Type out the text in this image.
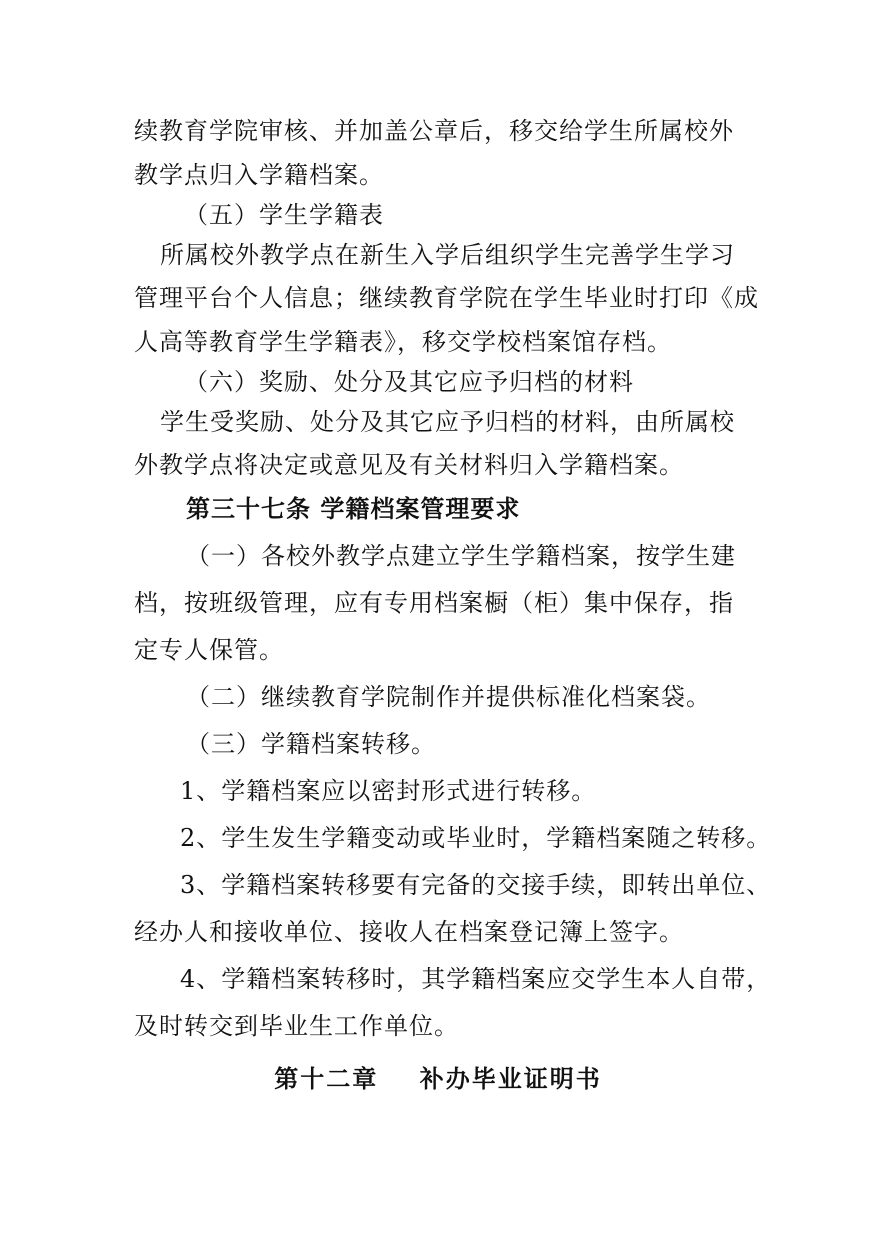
续教育学院审核、并加盖公章后，移交给学生所属校外
教学点归入学籍档案。
（五）学生学籍表
所属校外教学点在新生入学后组织学生完善学生学习
管理平台个人信息；继续教育学院在学生毕业时打印《成
人高等教育学生学籍表》，移交学校档案馆存档。
（六）奖励、处分及其它应予归档的材料
学生受奖励、处分及其它应予归档的材料，由所属校
外教学点将决定或意见及有关材料归入学籍档案。
第三十七条 学籍档案管理要求
（一）各校外教学点建立学生学籍档案，按学生建
档，按班级管理，应有专用档案橱（柜）集中保存，指
定专人保管。
（二）继续教育学院制作并提供标准化档案袋。
（三）学籍档案转移。
1、学籍档案应以密封形式进行转移。
2、学生发生学籍变动或毕业时，学籍档案随之转移。
3、学籍档案转移要有完备的交接手续，即转出单位、
经办人和接收单位、接收人在档案登记簿上签字。
4、学籍档案转移时，其学籍档案应交学生本人自带，
及时转交到毕业生工作单位。
第十二章    补办毕业证明书
